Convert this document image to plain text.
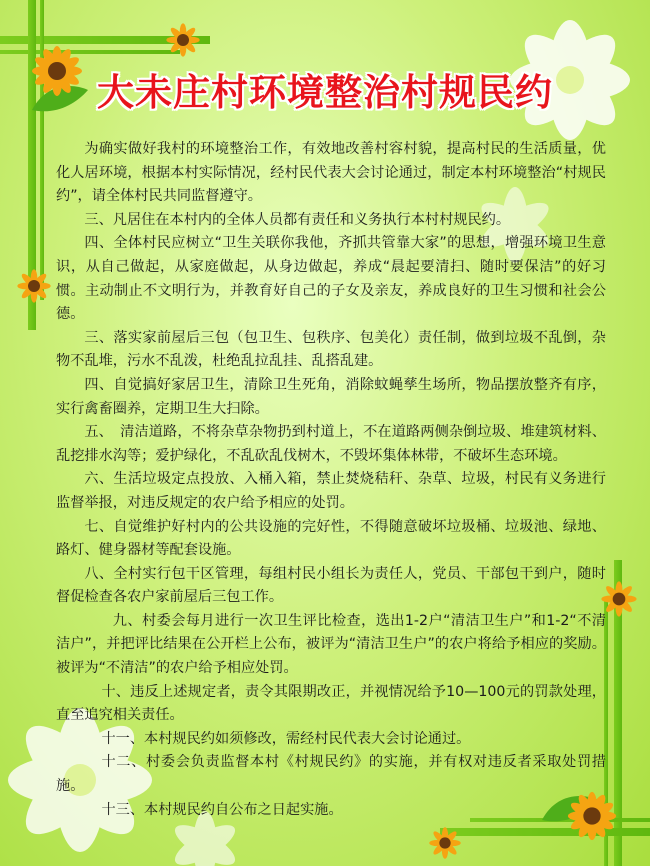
大未庄村环境整治村规民约

为确实做好我村的环境整治工作，有效地改善村容村貌，提高村民的生活质量，优化人居环境，根据本村实际情况，经村民代表大会讨论通过，制定本村环境整治“村规民约”，请全体村民共同监督遵守。

三、凡居住在本村内的全体人员都有责任和义务执行本村村规民约。

四、全体村民应树立“卫生关联你我他，齐抓共管靠大家”的思想，增强环境卫生意识，从自己做起，从家庭做起，从身边做起，养成“晨起要清扫、随时要保洁”的好习惯。主动制止不文明行为，并教育好自己的子女及亲友，养成良好的卫生习惯和社会公德。

三、落实家前屋后三包（包卫生、包秩序、包美化）责任制，做到垃圾不乱倒，杂物不乱堆，污水不乱泼，杜绝乱拉乱挂、乱搭乱建。

四、自觉搞好家居卫生，清除卫生死角，消除蚊蝇孳生场所，物品摆放整齐有序，实行禽畜圈养，定期卫生大扫除。

五、　清洁道路，不将杂草杂物扔到村道上，不在道路两侧杂倒垃圾、堆建筑材料、乱挖排水沟等；爱护绿化，不乱砍乱伐树木，不毁坏集体林带，不破坏生态环境。

六、生活垃圾定点投放、入桶入箱，禁止焚烧秸秆、杂草、垃圾，村民有义务进行监督举报，对违反规定的农户给予相应的处罚。

七、自觉维护好村内的公共设施的完好性，不得随意破坏垃圾桶、垃圾池、绿地、路灯、健身器材等配套设施。

八、全村实行包干区管理，每组村民小组长为责任人，党员、干部包干到户，随时督促检查各农户家前屋后三包工作。

九、村委会每月进行一次卫生评比检查，选出1-2户“清洁卫生户”和1-2“不清洁户”，并把评比结果在公开栏上公布，被评为“清洁卫生户”的农户将给予相应的奖励。被评为“不清洁”的农户给予相应处罚。

十、违反上述规定者，责令其限期改正，并视情况给予10—100元的罚款处理，直至追究相关责任。

十一、本村规民约如须修改，需经村民代表大会讨论通过。

十二、村委会负责监督本村《村规民约》的实施，并有权对违反者采取处罚措施。

十三、本村规民约自公布之日起实施。
